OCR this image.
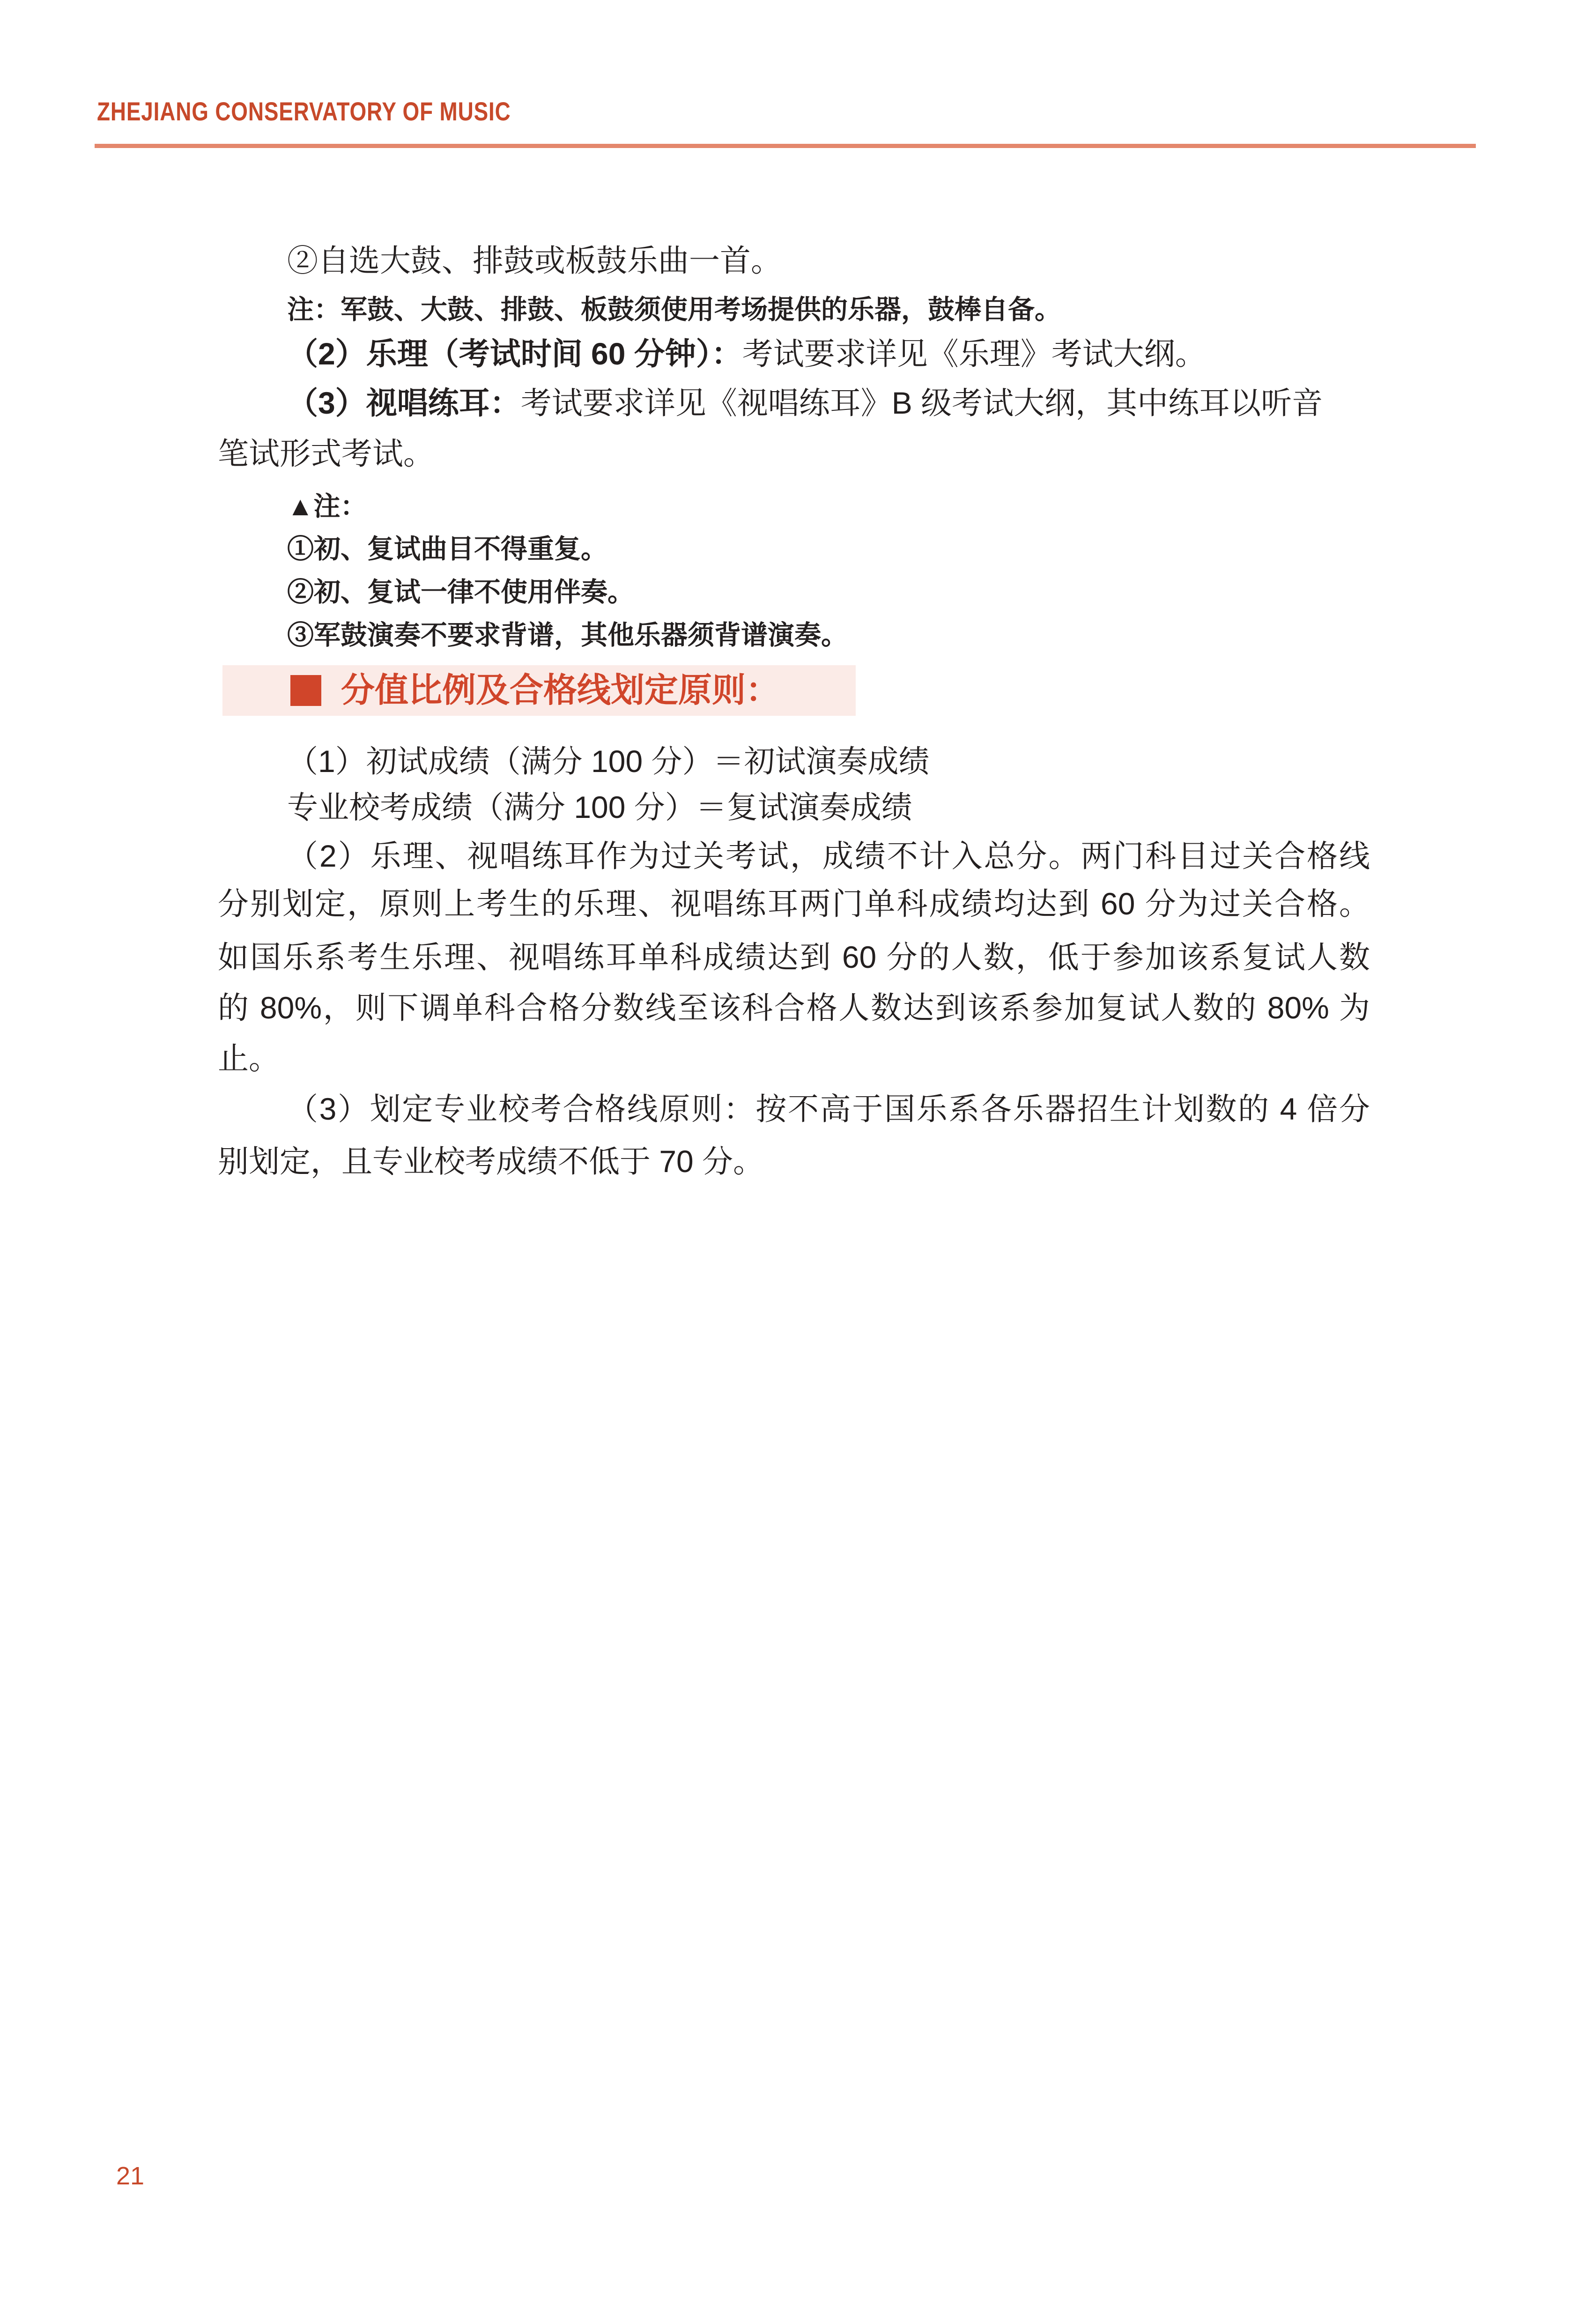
ZHEJIANG CONSERVATORY OF MUSIC
②自选大鼓、排鼓或板鼓乐曲一首。
注：军鼓、大鼓、排鼓、板鼓须使用考场提供的乐器，鼓棒自备。
（2）乐理（考试时间 60 分钟）：考试要求详见《乐理》考试大纲。
（3）视唱练耳：考试要求详见《视唱练耳》B 级考试大纲，其中练耳以听音
笔试形式考试。
▲注：
①初、复试曲目不得重复。
②初、复试一律不使用伴奏。
③军鼓演奏不要求背谱，其他乐器须背谱演奏。
分值比例及合格线划定原则：
（1）初试成绩（满分 100 分）＝初试演奏成绩
专业校考成绩（满分 100 分）＝复试演奏成绩
（2）乐理、视唱练耳作为过关考试，成绩不计入总分。两门科目过关合格线
分别划定，原则上考生的乐理、视唱练耳两门单科成绩均达到 60 分为过关合格。
如国乐系考生乐理、视唱练耳单科成绩达到 60 分的人数，低于参加该系复试人数
的 80%，则下调单科合格分数线至该科合格人数达到该系参加复试人数的 80% 为
止。
（3）划定专业校考合格线原则：按不高于国乐系各乐器招生计划数的 4 倍分
别划定，且专业校考成绩不低于 70 分。
21
